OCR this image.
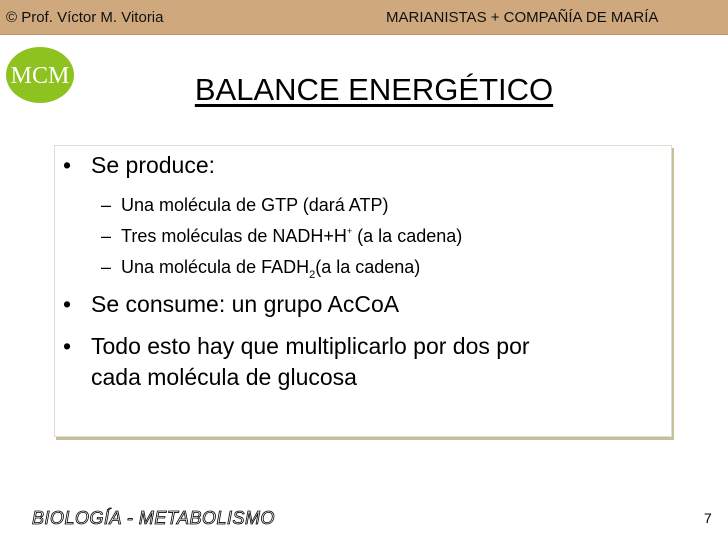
© Prof. Víctor M. Vitoria	MARIANISTAS + COMPAÑÍA DE MARÍA
MCM	BALANCE ENERGÉTICO
• Se produce:
– Una molécula de GTP (dará ATP)
– Tres moléculas de NADH+H+ (a la cadena)
– Una molécula de $FADH_2(a$ la cadena)
• Se consume: un grupo AcCoA
• Todo esto hay que multiplicarlo por dos por
cada molécula de glucosa
BIOLOGÍA - METABOLISMO	7
